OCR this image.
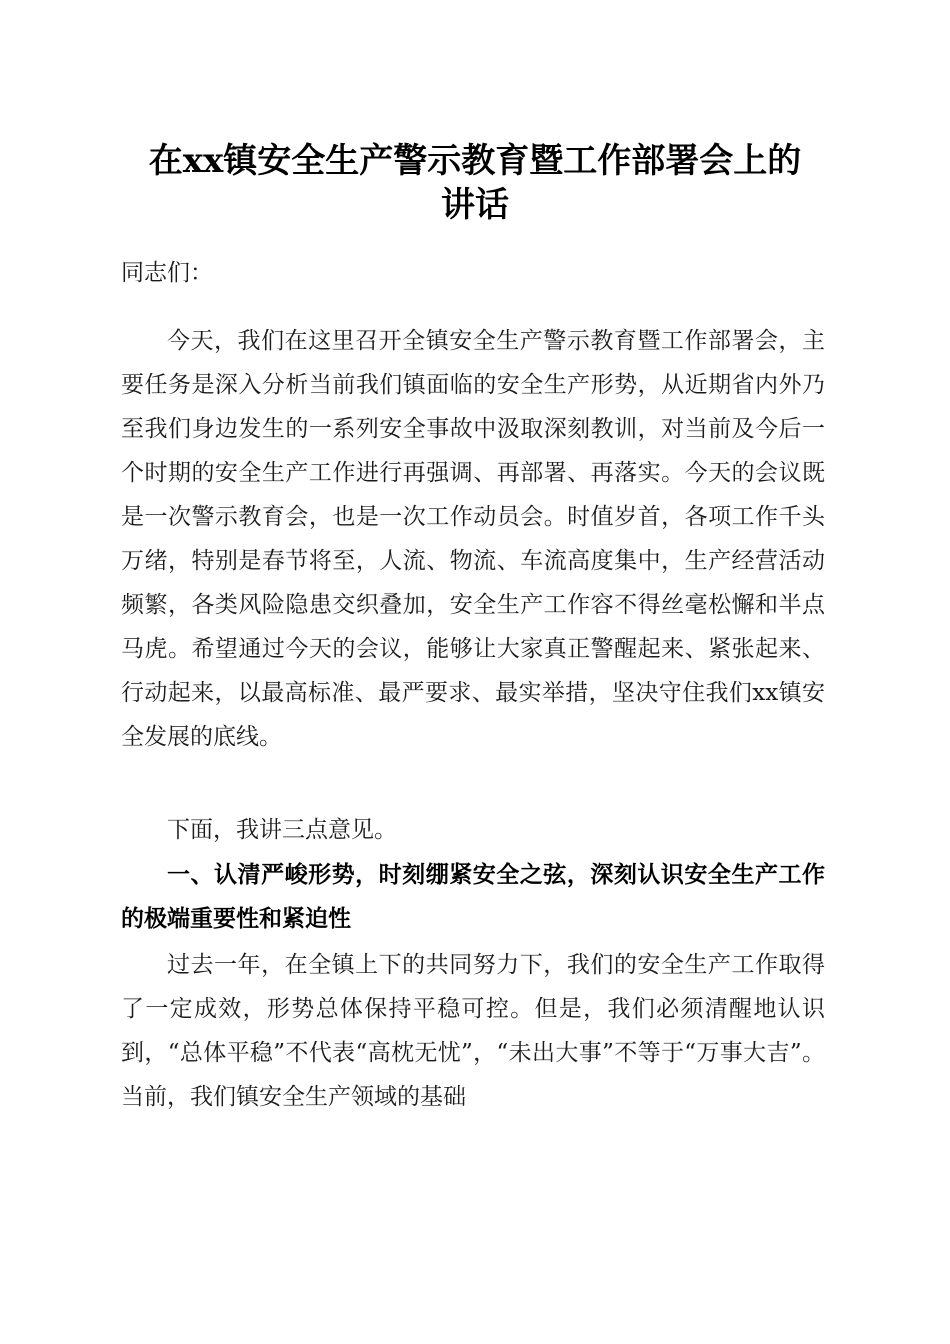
在xx镇安全生产警示教育暨工作部署会上的
讲话
同志们：
今天，我们在这里召开全镇安全生产警示教育暨工作部署会，主要任务是深入分析当前我们镇面临的安全生产形势，从近期省内外乃至我们身边发生的一系列安全事故中汲取深刻教训，对当前及今后一个时期的安全生产工作进行再强调、再部署、再落实。今天的会议既是一次警示教育会，也是一次工作动员会。时值岁首，各项工作千头万绪，特别是春节将至，人流、物流、车流高度集中，生产经营活动频繁，各类风险隐患交织叠加，安全生产工作容不得丝毫松懈和半点马虎。希望通过今天的会议，能够让大家真正警醒起来、紧张起来、行动起来，以最高标准、最严要求、最实举措，坚决守住我们xx镇安全发展的底线。
下面，我讲三点意见。
一、认清严峻形势，时刻绷紧安全之弦，深刻认识安全生产工作的极端重要性和紧迫性
过去一年，在全镇上下的共同努力下，我们的安全生产工作取得了一定成效，形势总体保持平稳可控。但是，我们必须清醒地认识到，“总体平稳”不代表“高枕无忧”，“未出大事”不等于“万事大吉”。当前，我们镇安全生产领域的基础
